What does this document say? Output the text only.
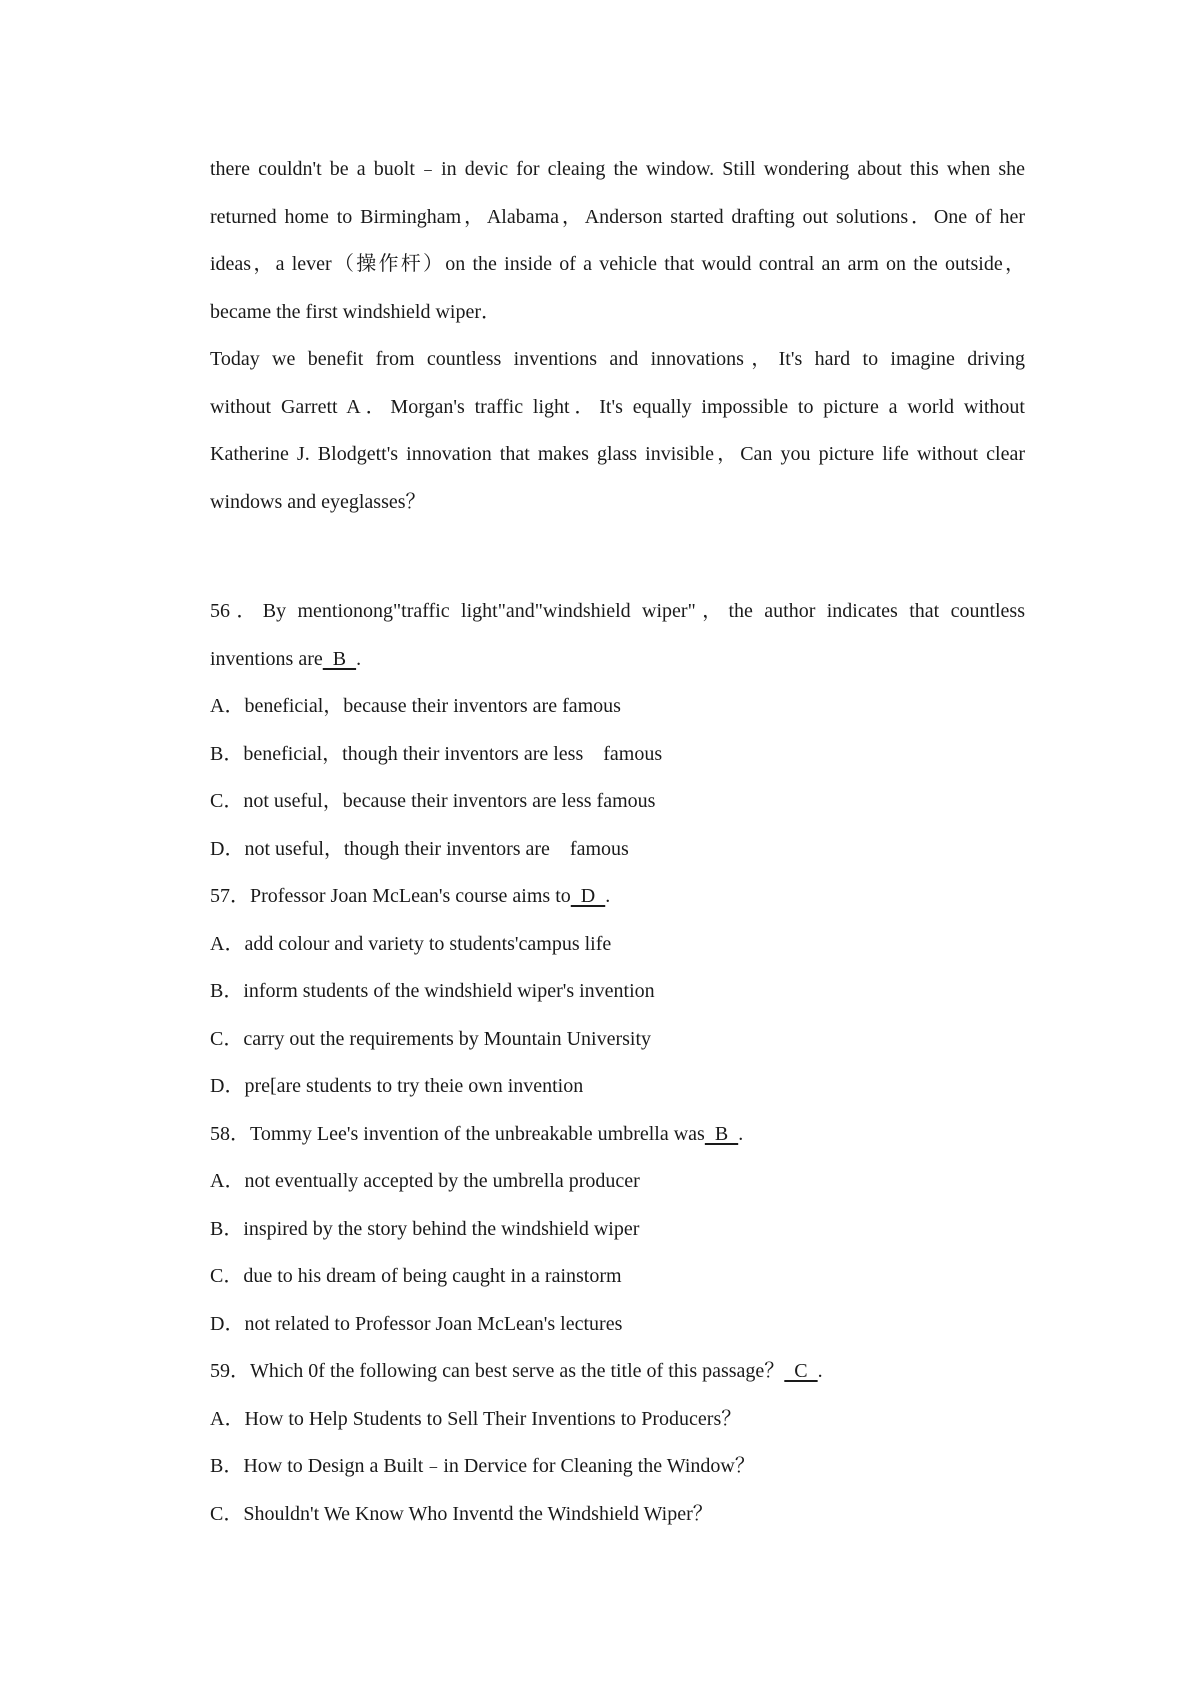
there couldn't be a buolt﹣in devic for cleaing the window. Still wondering about this when she
returned home to Birmingham，Alabama，Anderson started drafting out solutions．One of her
ideas，a lever（操作杆）on the inside of a vehicle that would contral an arm on the outside，
became the first windshield wiper．
Today we benefit from countless inventions and innovations，It's hard to imagine driving
without Garrett A．Morgan's traffic light．It's equally impossible to picture a world without
Katherine J. Blodgett's innovation that makes glass invisible，Can you picture life without clear
windows and eyeglasses？
56．By mentionong"traffic light"and"windshield wiper"，the author indicates that countless
inventions are  B  .
A．beneficial，because their inventors are famous
B．beneficial，though their inventors are less    famous
C．not useful，because their inventors are less famous
D．not useful，though their inventors are    famous
57．Professor Joan McLean's course aims to  D  .
A．add colour and variety to students'campus life
B．inform students of the windshield wiper's invention
C．carry out the requirements by Mountain University
D．pre[are students to try theie own invention
58．Tommy Lee's invention of the unbreakable umbrella was  B  .
A．not eventually accepted by the umbrella producer
B．inspired by the story behind the windshield wiper
C．due to his dream of being caught in a rainstorm
D．not related to Professor Joan McLean's lectures
59．Which 0f the following can best serve as the title of this passage？  C  .
A．How to Help Students to Sell Their Inventions to Producers？
B．How to Design a Built﹣in Dervice for Cleaning the Window？
C．Shouldn't We Know Who Inventd the Windshield Wiper？
